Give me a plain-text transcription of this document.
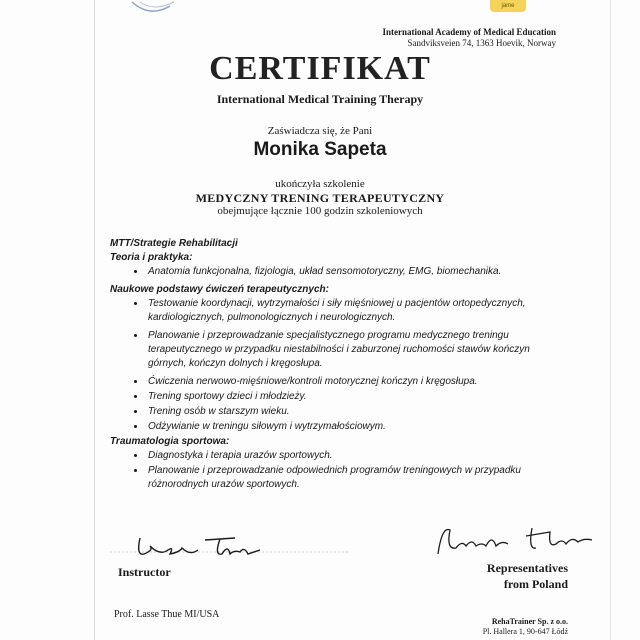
jame
International Academy of Medical Education
Sandviksveien 74, 1363 Hoevik, Norway
CERTIFIKAT
International Medical Training Therapy
Zaświadcza się, że Pani
Monika Sapeta
ukończyła szkolenie
MEDYCZNY TRENING TERAPEUTYCZNY
obejmujące łącznie 100 godzin szkoleniowych
MTT/Strategie Rehabilitacji
Teoria i praktyka:
• Anatomia funkcjonalna, fizjologia, układ sensomotoryczny, EMG, biomechanika.
Naukowe podstawy ćwiczeń terapeutycznych:
• Testowanie koordynacji, wytrzymałości i siły mięśniowej u pacjentów ortopedycznych, kardiologicznych, pulmonologicznych i neurologicznych.
• Planowanie i przeprowadzanie specjalistycznego programu medycznego treningu terapeutycznego w przypadku niestabilności i zaburzonej ruchomości stawów kończyn górnych, kończyn dolnych i kręgosłupa.
• Ćwiczenia nerwowo-mięśniowe/kontroli motorycznej kończyn i kręgosłupa.
• Trening sportowy dzieci i młodzieży.
• Trening osób w starszym wieku.
• Odżywianie w treningu siłowym i wytrzymałościowym.
Traumatologia sportowa:
• Diagnostyka i terapia urazów sportowych.
• Planowanie i przeprowadzanie odpowiednich programów treningowych w przypadku różnorodnych urazów sportowych.
Instructor	Representatives
from Poland
Prof. Lasse Thue MI/USA
RehaTrainer Sp. z o.o.
Pl. Hallera 1, 90-647 Łódź
